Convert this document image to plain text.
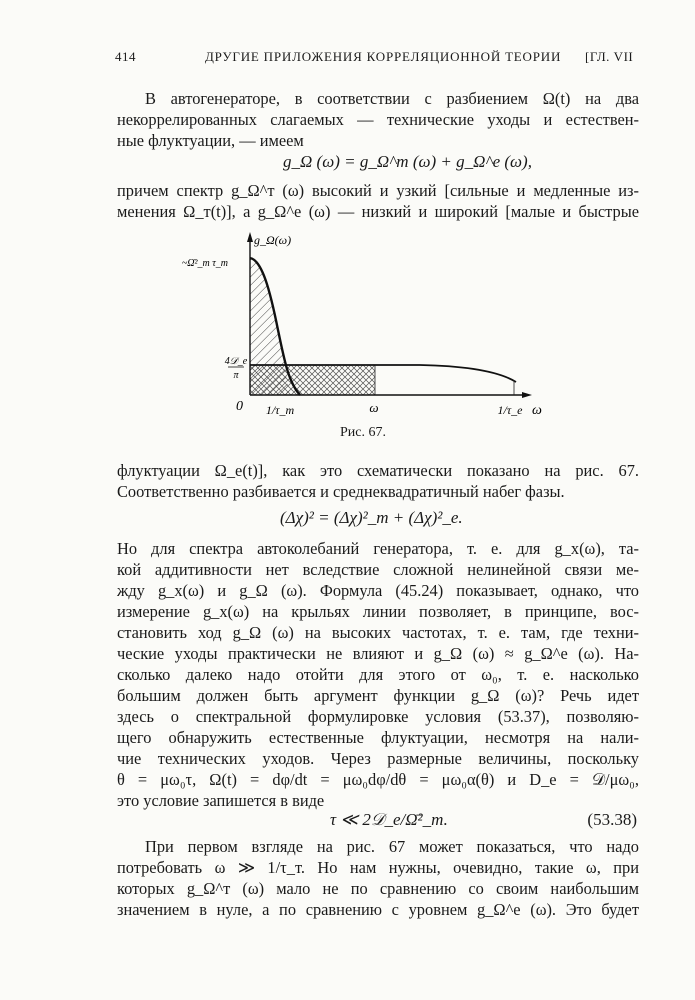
414	ДРУГИЕ ПРИЛОЖЕНИЯ КОРРЕЛЯЦИОННОЙ ТЕОРИИ [ГЛ. VII

В автогенераторе, в соответствии с разбиением Ω(t) на два

некоррелированных слагаемых — технические уходы и естествен-

ные флуктуации, — имеем

g_Ω (ω) = g_Ω^т (ω) + g_Ω^e (ω),

причем спектр g_Ω^т (ω) высокий и узкий [сильные и медленные из-

менения Ω_т(t)], а g_Ω^e (ω) — низкий и широкий [малые и быстрые

g_Ω(ω)
~Ω̄²_т τ_т
4𝒟_e
π
0 1/τ_т	ω	1/τ_e ω
Рис. 67.

флуктуации Ω_e(t)], как это схематически показано на рис. 67.

Соответственно разбивается и среднеквадратичный набег фазы.

(Δχ)² = (Δχ)²_т + (Δχ)²_e.

Но для спектра автоколебаний генератора, т. е. для g_x(ω), та-

кой аддитивности нет вследствие сложной нелинейной связи ме-

жду g_x(ω) и g_Ω (ω). Формула (45.24) показывает, однако, что

измерение g_x(ω) на крыльях линии позволяет, в принципе, вос-

становить ход g_Ω (ω) на высоких частотах, т. е. там, где техни-

ческие уходы практически не влияют и g_Ω (ω) ≈ g_Ω^e (ω). На-

сколько далеко надо отойти для этого от ω₀, т. е. насколько

большим должен быть аргумент функции g_Ω (ω)? Речь идет

здесь о спектральной формулировке условия (53.37), позволяю-

щего обнаружить естественные флуктуации, несмотря на нали-

чие технических уходов. Через размерные величины, поскольку

θ = μω₀τ, Ω(t) = dφ/dt = μω₀dφ/dθ = μω₀α(θ) и D_e = 𝒟/μω₀,

это условие запишется в виде

τ ≪ 2𝒟_e/Ω̄²_т.	(53.38)

При первом взгляде на рис. 67 может показаться, что надо

потребовать ω ≫ 1/τ_т. Но нам нужны, очевидно, такие ω, при

которых g_Ω^т (ω) мало не по сравнению со своим наибольшим

значением в нуле, а по сравнению с уровнем g_Ω^e (ω). Это будет
